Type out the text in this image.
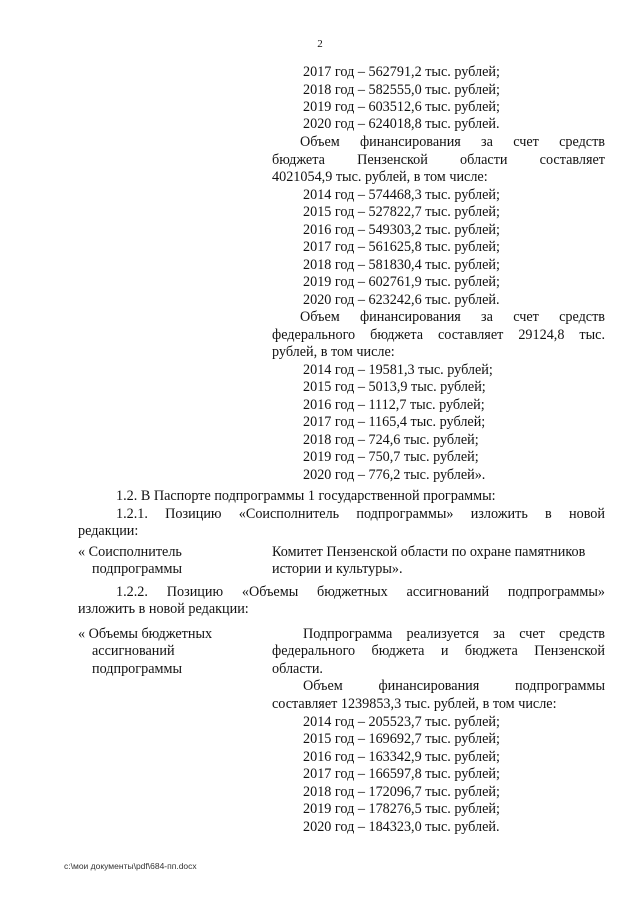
2
2017 год – 562791,2 тыс. рублей;
2018 год – 582555,0 тыс. рублей;
2019 год – 603512,6 тыс. рублей;
2020 год – 624018,8 тыс. рублей.
Объем финансирования за счет средств
бюджета Пензенской области составляет
4021054,9 тыс. рублей, в том числе:
2014 год – 574468,3 тыс. рублей;
2015 год – 527822,7 тыс. рублей;
2016 год – 549303,2 тыс. рублей;
2017 год – 561625,8 тыс. рублей;
2018 год – 581830,4 тыс. рублей;
2019 год – 602761,9 тыс. рублей;
2020 год – 623242,6 тыс. рублей.
Объем финансирования за счет средств
федерального бюджета составляет 29124,8 тыс.
рублей, в том числе:
2014 год – 19581,3 тыс. рублей;
2015 год – 5013,9 тыс. рублей;
2016 год – 1112,7 тыс. рублей;
2017 год – 1165,4 тыс. рублей;
2018 год – 724,6 тыс. рублей;
2019 год – 750,7 тыс. рублей;
2020 год – 776,2 тыс. рублей».
1.2. В Паспорте подпрограммы 1 государственной программы:
1.2.1. Позицию «Соисполнитель подпрограммы» изложить в новой
редакции:
« Соисполнитель
подпрограммы
Комитет Пензенской области по охране памятников
истории и культуры».
1.2.2. Позицию «Объемы бюджетных ассигнований подпрограммы»
изложить в новой редакции:
« Объемы бюджетных
ассигнований
подпрограммы
Подпрограмма реализуется за счет средств
федерального бюджета и бюджета Пензенской
области.
Объем финансирования подпрограммы
составляет 1239853,3 тыс. рублей, в том числе:
2014 год – 205523,7 тыс. рублей;
2015 год – 169692,7 тыс. рублей;
2016 год – 163342,9 тыс. рублей;
2017 год – 166597,8 тыс. рублей;
2018 год – 172096,7 тыс. рублей;
2019 год – 178276,5 тыс. рублей;
2020 год – 184323,0 тыс. рублей.
c:\мои документы\pdf\684-пп.docx
